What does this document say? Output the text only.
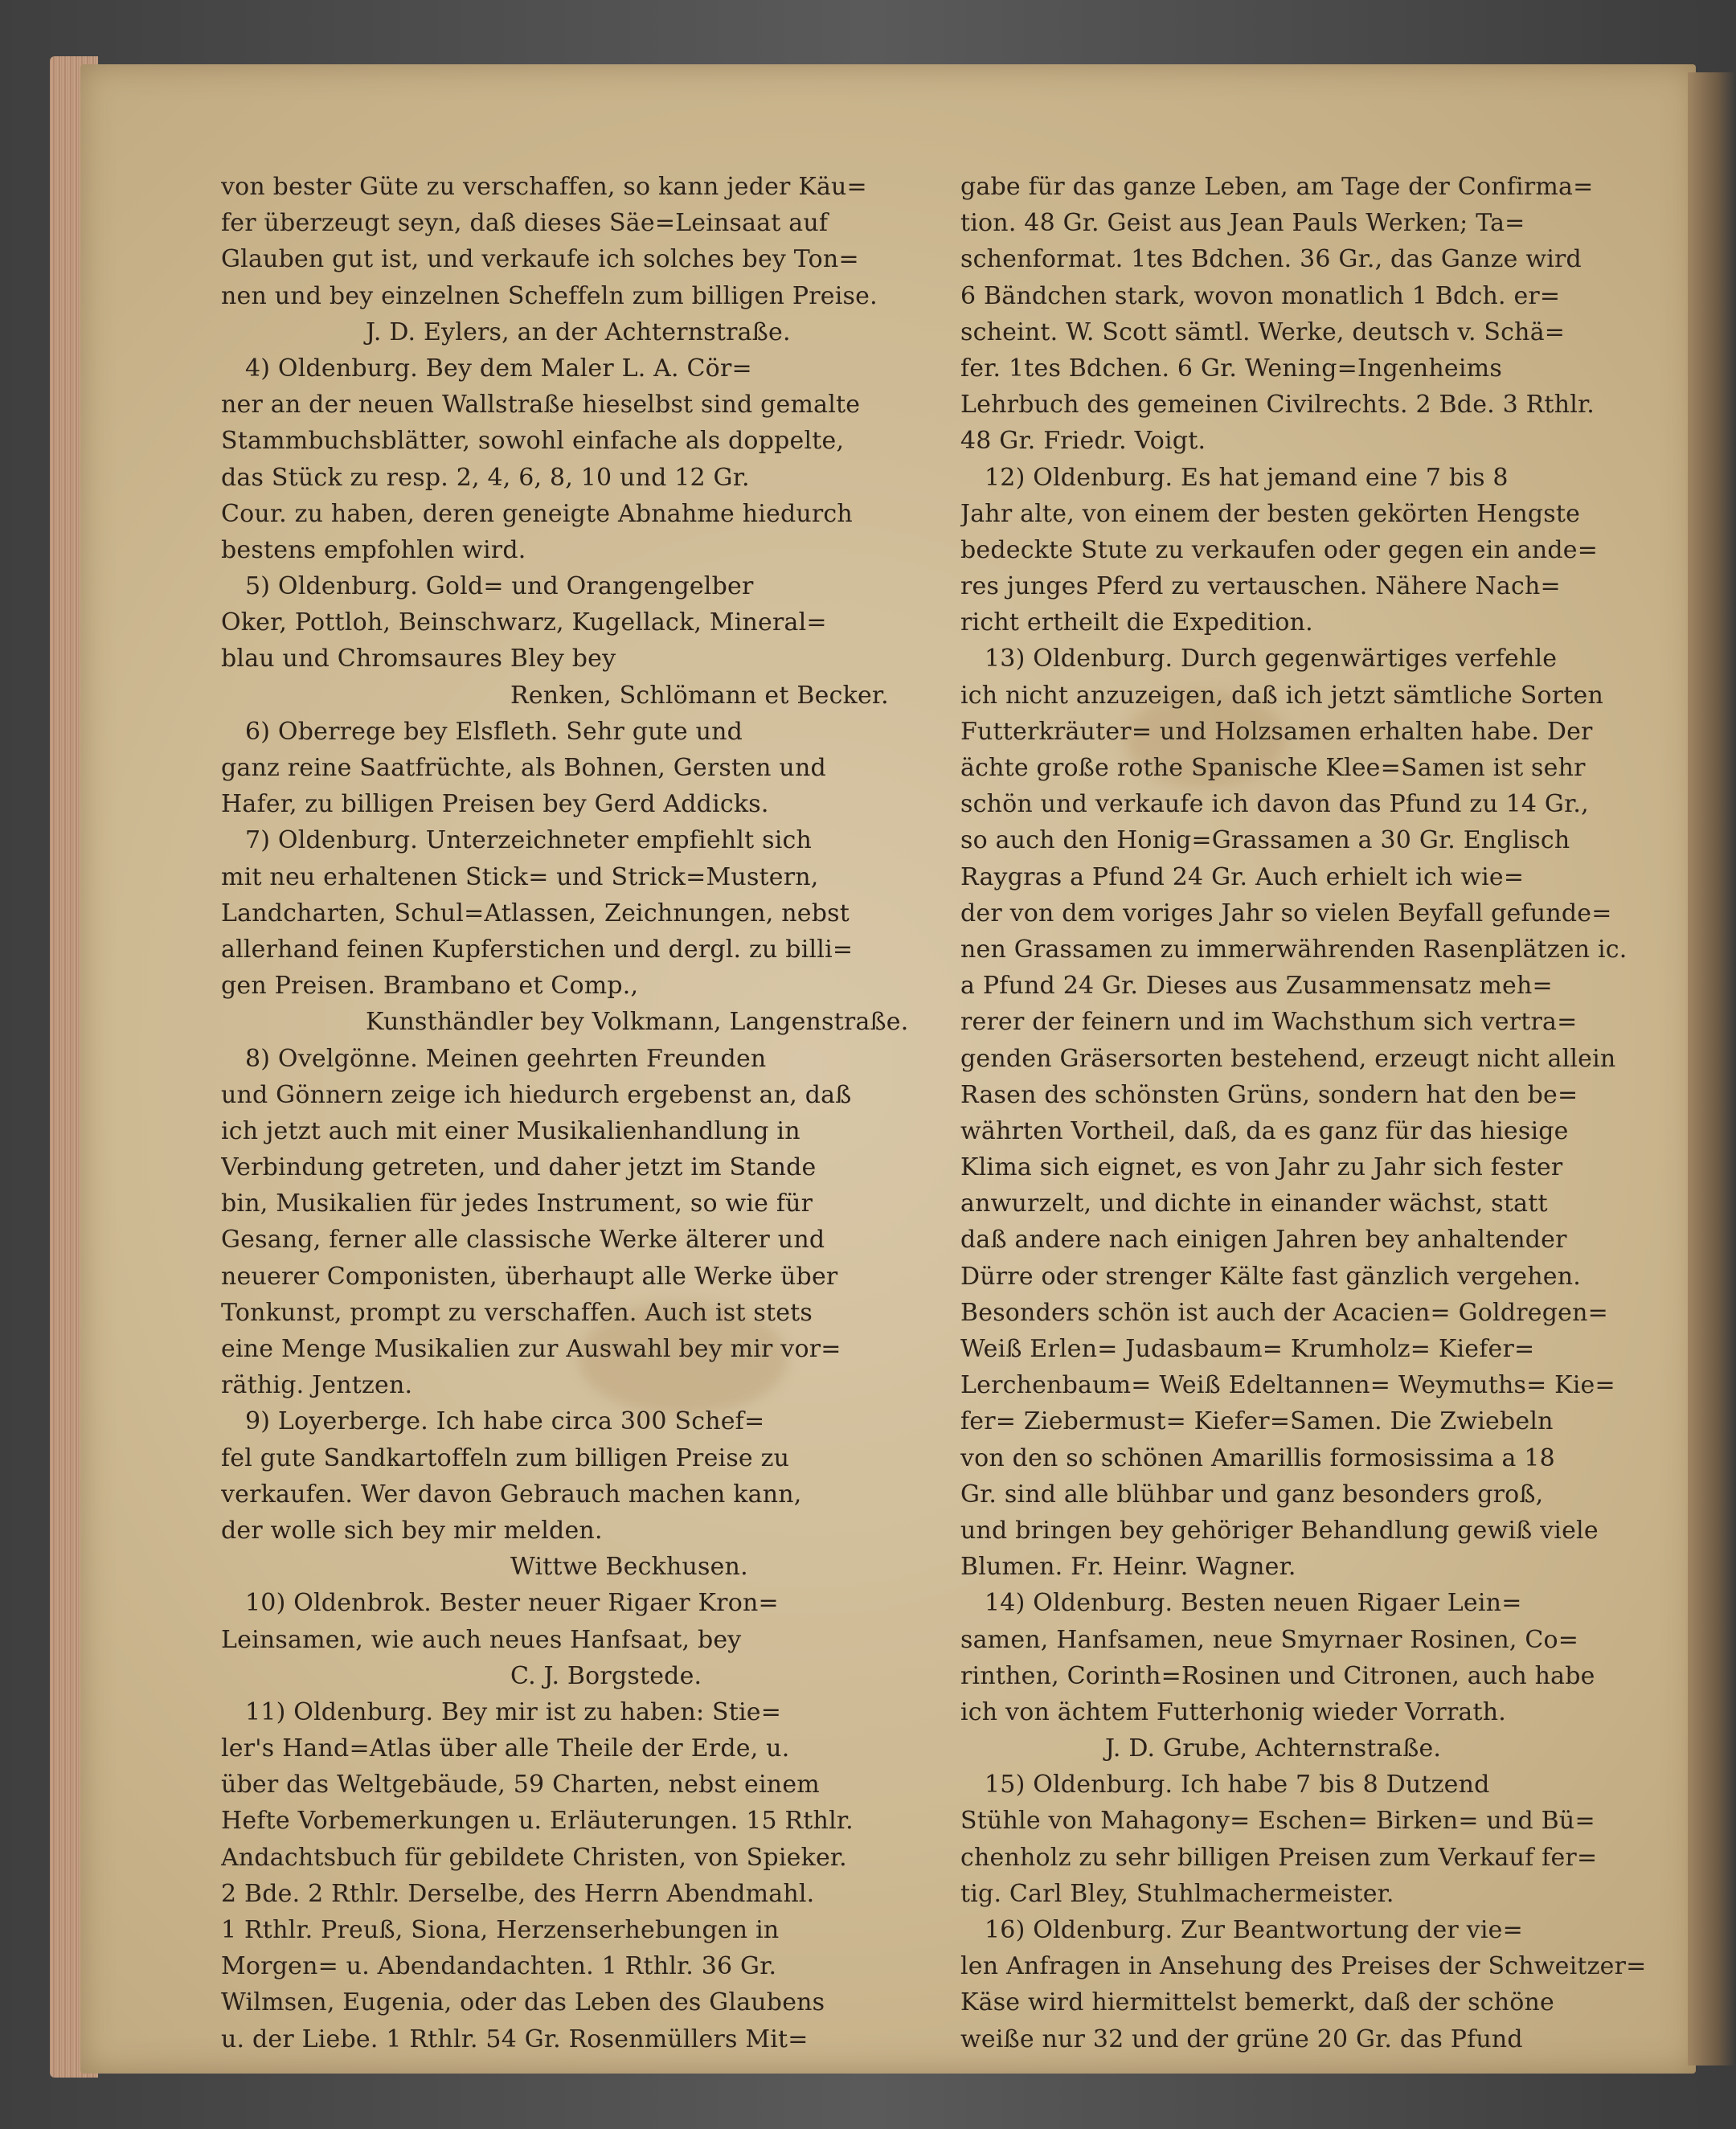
von bester Güte zu verschaffen, so kann jeder Käu=
fer überzeugt seyn, daß dieses Säe=Leinsaat auf
Glauben gut ist, und verkaufe ich solches bey Ton=
nen und bey einzelnen Scheffeln zum billigen Preise.
J. D. Eylers, an der Achternstraße.
4) Oldenburg. Bey dem Maler L. A. Cör=
ner an der neuen Wallstraße hieselbst sind gemalte
Stammbuchsblätter, sowohl einfache als doppelte,
das Stück zu resp. 2, 4, 6, 8, 10 und 12 Gr.
Cour. zu haben, deren geneigte Abnahme hiedurch
bestens empfohlen wird.
5) Oldenburg. Gold= und Orangengelber
Oker, Pottloh, Beinschwarz, Kugellack, Mineral=
blau und Chromsaures Bley bey
Renken, Schlömann et Becker.
6) Oberrege bey Elsfleth. Sehr gute und
ganz reine Saatfrüchte, als Bohnen, Gersten und
Hafer, zu billigen Preisen bey Gerd Addicks.
7) Oldenburg. Unterzeichneter empfiehlt sich
mit neu erhaltenen Stick= und Strick=Mustern,
Landcharten, Schul=Atlassen, Zeichnungen, nebst
allerhand feinen Kupferstichen und dergl. zu billi=
gen Preisen. Brambano et Comp.,
Kunsthändler bey Volkmann, Langenstraße.
8) Ovelgönne. Meinen geehrten Freunden
und Gönnern zeige ich hiedurch ergebenst an, daß
ich jetzt auch mit einer Musikalienhandlung in
Verbindung getreten, und daher jetzt im Stande
bin, Musikalien für jedes Instrument, so wie für
Gesang, ferner alle classische Werke älterer und
neuerer Componisten, überhaupt alle Werke über
Tonkunst, prompt zu verschaffen. Auch ist stets
eine Menge Musikalien zur Auswahl bey mir vor=
räthig. Jentzen.
9) Loyerberge. Ich habe circa 300 Schef=
fel gute Sandkartoffeln zum billigen Preise zu
verkaufen. Wer davon Gebrauch machen kann,
der wolle sich bey mir melden.
Wittwe Beckhusen.
10) Oldenbrok. Bester neuer Rigaer Kron=
Leinsamen, wie auch neues Hanfsaat, bey
C. J. Borgstede.
11) Oldenburg. Bey mir ist zu haben: Stie=
ler's Hand=Atlas über alle Theile der Erde, u.
über das Weltgebäude, 59 Charten, nebst einem
Hefte Vorbemerkungen u. Erläuterungen. 15 Rthlr.
Andachtsbuch für gebildete Christen, von Spieker.
2 Bde. 2 Rthlr. Derselbe, des Herrn Abendmahl.
1 Rthlr. Preuß, Siona, Herzenserhebungen in
Morgen= u. Abendandachten. 1 Rthlr. 36 Gr.
Wilmsen, Eugenia, oder das Leben des Glaubens
u. der Liebe. 1 Rthlr. 54 Gr. Rosenmüllers Mit=
gabe für das ganze Leben, am Tage der Confirma=
tion. 48 Gr. Geist aus Jean Pauls Werken; Ta=
schenformat. 1tes Bdchen. 36 Gr., das Ganze wird
6 Bändchen stark, wovon monatlich 1 Bdch. er=
scheint. W. Scott sämtl. Werke, deutsch v. Schä=
fer. 1tes Bdchen. 6 Gr. Wening=Ingenheims
Lehrbuch des gemeinen Civilrechts. 2 Bde. 3 Rthlr.
48 Gr. Friedr. Voigt.
12) Oldenburg. Es hat jemand eine 7 bis 8
Jahr alte, von einem der besten gekörten Hengste
bedeckte Stute zu verkaufen oder gegen ein ande=
res junges Pferd zu vertauschen. Nähere Nach=
richt ertheilt die Expedition.
13) Oldenburg. Durch gegenwärtiges verfehle
ich nicht anzuzeigen, daß ich jetzt sämtliche Sorten
Futterkräuter= und Holzsamen erhalten habe. Der
ächte große rothe Spanische Klee=Samen ist sehr
schön und verkaufe ich davon das Pfund zu 14 Gr.,
so auch den Honig=Grassamen a 30 Gr. Englisch
Raygras a Pfund 24 Gr. Auch erhielt ich wie=
der von dem voriges Jahr so vielen Beyfall gefunde=
nen Grassamen zu immerwährenden Rasenplätzen ic.
a Pfund 24 Gr. Dieses aus Zusammensatz meh=
rerer der feinern und im Wachsthum sich vertra=
genden Gräsersorten bestehend, erzeugt nicht allein
Rasen des schönsten Grüns, sondern hat den be=
währten Vortheil, daß, da es ganz für das hiesige
Klima sich eignet, es von Jahr zu Jahr sich fester
anwurzelt, und dichte in einander wächst, statt
daß andere nach einigen Jahren bey anhaltender
Dürre oder strenger Kälte fast gänzlich vergehen.
Besonders schön ist auch der Acacien= Goldregen=
Weiß Erlen= Judasbaum= Krumholz= Kiefer=
Lerchenbaum= Weiß Edeltannen= Weymuths= Kie=
fer= Ziebermust= Kiefer=Samen. Die Zwiebeln
von den so schönen Amarillis formosissima a 18
Gr. sind alle blühbar und ganz besonders groß,
und bringen bey gehöriger Behandlung gewiß viele
Blumen. Fr. Heinr. Wagner.
14) Oldenburg. Besten neuen Rigaer Lein=
samen, Hanfsamen, neue Smyrnaer Rosinen, Co=
rinthen, Corinth=Rosinen und Citronen, auch habe
ich von ächtem Futterhonig wieder Vorrath.
J. D. Grube, Achternstraße.
15) Oldenburg. Ich habe 7 bis 8 Dutzend
Stühle von Mahagony= Eschen= Birken= und Bü=
chenholz zu sehr billigen Preisen zum Verkauf fer=
tig. Carl Bley, Stuhlmachermeister.
16) Oldenburg. Zur Beantwortung der vie=
len Anfragen in Ansehung des Preises der Schweitzer=
Käse wird hiermittelst bemerkt, daß der schöne
weiße nur 32 und der grüne 20 Gr. das Pfund
